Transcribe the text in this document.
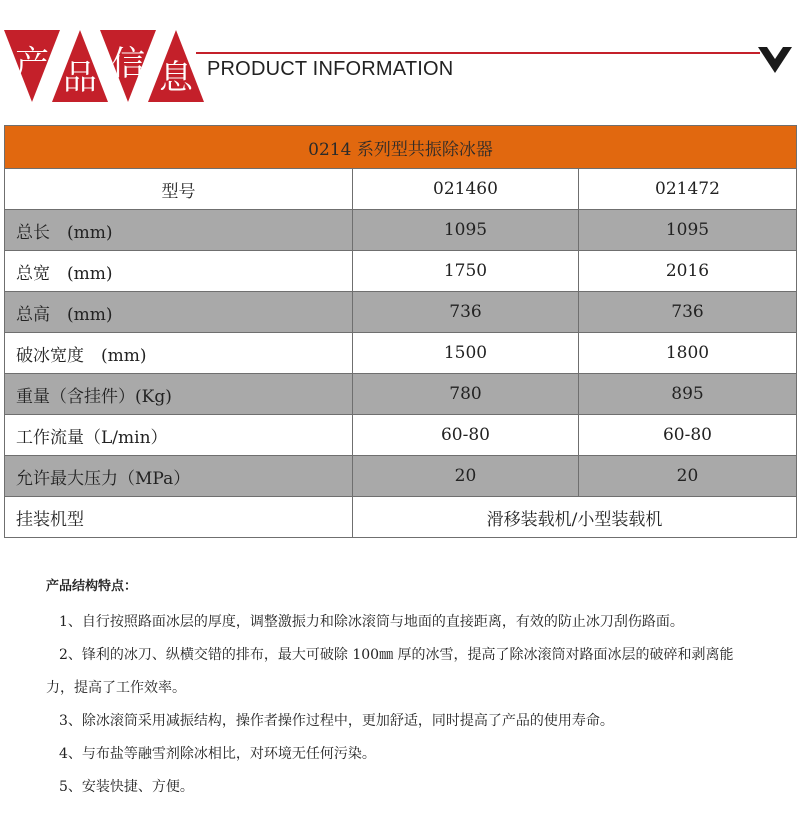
产 品 信 息 PRODUCT INFORMATION
0214 系列型共振除冰器		
型号	021460	021472
总长　(mm)	1095	1095
总宽　(mm)	1750	2016
总高　(mm)	736	736
破冰宽度　(mm)	1500	1800
重量（含挂件）(Kg)	780	895
工作流量（L/min）	60-80	60-80
允许最大压力（MPa）	20	20
挂装机型	滑移装载机/小型装载机	

产品结构特点：

1、自行按照路面冰层的厚度，调整激振力和除冰滚筒与地面的直接距离，有效的防止冰刀刮伤路面。

2、锋利的冰刀、纵横交错的排布，最大可破除 100㎜ 厚的冰雪，提高了除冰滚筒对路面冰层的破碎和剥离能

力，提高了工作效率。

3、除冰滚筒采用减振结构，操作者操作过程中，更加舒适，同时提高了产品的使用寿命。

4、与布盐等融雪剂除冰相比，对环境无任何污染。

5、安装快捷、方便。
